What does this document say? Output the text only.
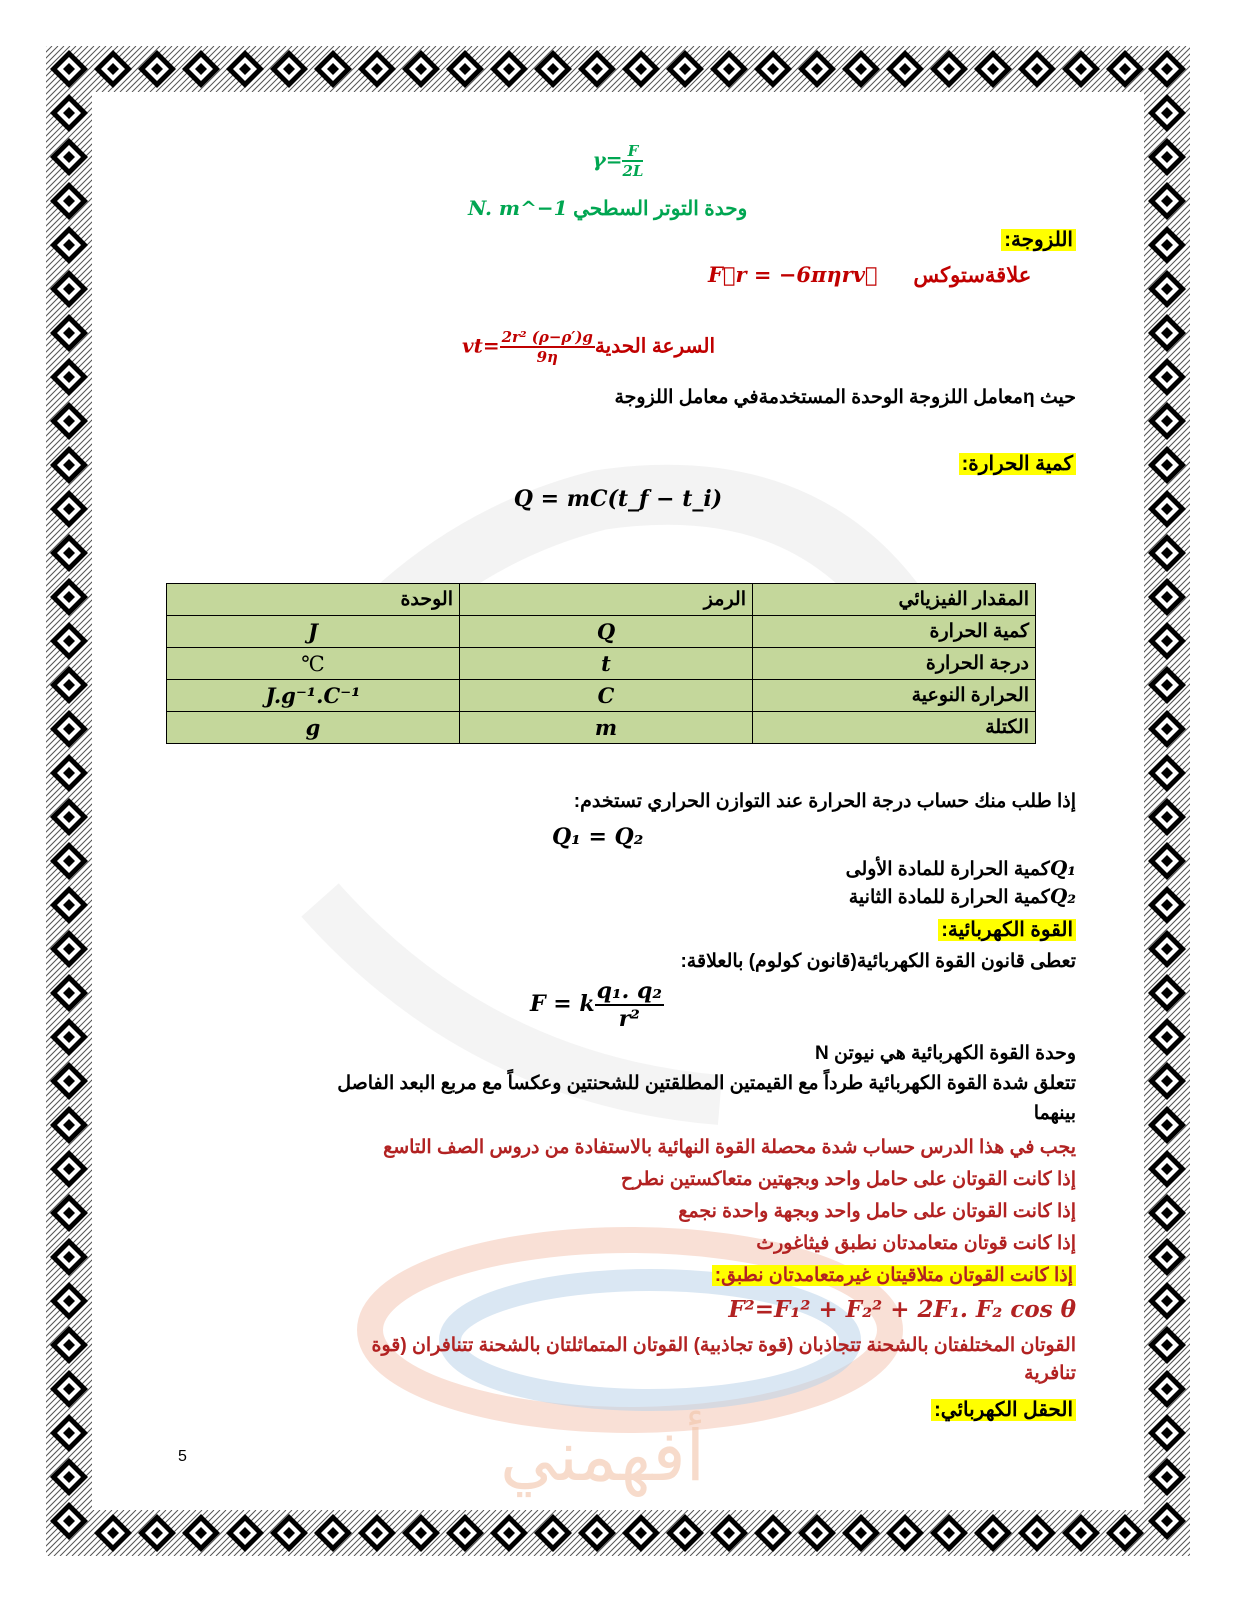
أفهمني
$\gamma= \frac{F}{2L}$
N. m^−1 وحدة التوتر السطحي
اللزوجة:
F⃗r = −6πηrv⃗ علاقةستوكس
$vt= \frac{\text{2r² (ρ−ρ′)g}}{9\eta}$ السرعة الحدية
حيث ηمعامل اللزوجة الوحدة المستخدمةفي معامل اللزوجة
كمية الحرارة:
Q = mC(t_f − t_i)
الوحدة	الرمز	المقدار الفيزيائي
J	Q	كمية الحرارة
℃	t	درجة الحرارة
J.g⁻¹.C⁻¹	C	الحرارة النوعية
g	m	الكتلة
إذا طلب منك حساب درجة الحرارة عند التوازن الحراري تستخدم:
Q₁ = Q₂
Q₁كمية الحرارة للمادة الأولى
Q₂كمية الحرارة للمادة الثانية
القوة الكهربائية:
تعطى قانون القوة الكهربائية(قانون كولوم) بالعلاقة:
F = k $\frac{\text{q₁. q₂}}{\text{r²}}$
وحدة القوة الكهربائية هي نيوتن N
تتعلق شدة القوة الكهربائية طرداً مع القيمتين المطلقتين للشحنتين وعكساً مع مربع البعد الفاصل
بينهما
يجب في هذا الدرس حساب شدة محصلة القوة النهائية بالاستفادة من دروس الصف التاسع
إذا كانت القوتان على حامل واحد وبجهتين متعاكستين نطرح
إذا كانت القوتان على حامل واحد وبجهة واحدة نجمع
إذا كانت قوتان متعامدتان نطبق فيثاغورث
إذا كانت القوتان متلاقيتان غيرمتعامدتان نطبق:
F²=F₁² + F₂² + 2F₁. F₂ cos θ
القوتان المختلفتان بالشحنة تتجاذبان (قوة تجاذبية) القوتان المتماثلتان بالشحنة تتنافران (قوة
تنافرية
الحقل الكهربائي:
5
